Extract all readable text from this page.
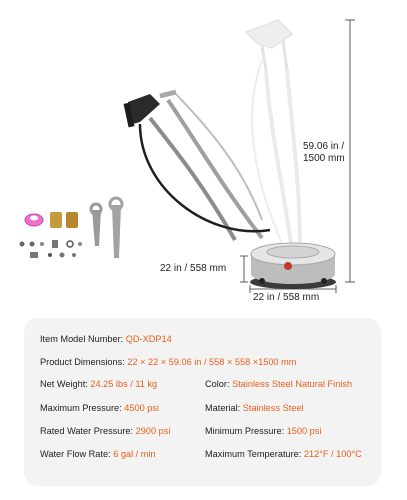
59.06 in /
1500 mm
22 in / 558 mm
22 in / 558 mm
Item Model Number: QD-XDP14
Product Dimensions: 22 × 22 × 59.06 in / 558 × 558 ×1500 mm
Net Weight: 24.25 lbs / 11 kg	Color: Stainless Steel Natural Finish
Maximum Pressure: 4500 psi	Material: Stainless Steel
Rated Water Pressure: 2900 psi	Minimum Pressure: 1500 psi
Water Flow Rate: 6 gal / min	Maximum Temperature: 212°F / 100°C
